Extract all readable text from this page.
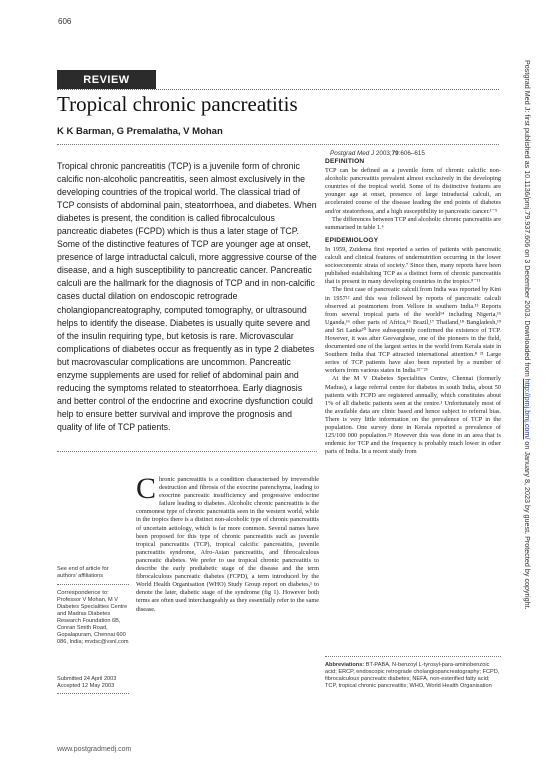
606
REVIEW
Tropical chronic pancreatitis
K K Barman, G Premalatha, V Mohan
Postgrad Med J 2003;79:606–615
Tropical chronic pancreatitis (TCP) is a juvenile form of chronic calcific non-alcoholic pancreatitis, seen almost exclusively in the developing countries of the tropical world. The classical triad of TCP consists of abdominal pain, steatorrhoea, and diabetes. When diabetes is present, the condition is called fibrocalculous pancreatic diabetes (FCPD) which is thus a later stage of TCP. Some of the distinctive features of TCP are younger age at onset, presence of large intraductal calculi, more aggressive course of the disease, and a high susceptibility to pancreatic cancer. Pancreatic calculi are the hallmark for the diagnosis of TCP and in non-calcific cases ductal dilation on endoscopic retrograde cholangiopancreatography, computed tomography, or ultrasound helps to identify the disease. Diabetes is usually quite severe and of the insulin requiring type, but ketosis is rare. Microvascular complications of diabetes occur as frequently as in type 2 diabetes but macrovascular complications are uncommon. Pancreatic enzyme supplements are used for relief of abdominal pain and reducing the symptoms related to steatorrhoea. Early diagnosis and better control of the endocrine and exocrine dysfunction could help to ensure better survival and improve the prognosis and quality of life of TCP patients.
DEFINITION

TCP can be defined as a juvenile form of chronic calcific non-alcoholic pancreatitis prevalent almost exclusively in the developing countries of the tropical world. Some of its distinctive features are younger age at onset, presence of large intraductal calculi, an accelerated course of the disease leading the end points of diabetes and/or steatorrhoea, and a high susceptibility to pancreatic cancer.¹⁻⁵

The differences between TCP and alcoholic chronic pancreatitis are summarised in table 1.⁶

EPIDEMIOLOGY

In 1959, Zuidema first reported a series of patients with pancreatic calculi and clinical features of undernutrition occurring in the lower socioeconomic strata of society.⁷ Since then, many reports have been published establishing TCP as a distinct form of chronic pancreatitis that is present in many developing countries in the tropics.⁸⁻¹¹

The first case of pancreatic calculi from India was reported by Kini in 1957¹² and this was followed by reports of pancreatic calculi observed at postmortem from Vellore in southern India.¹³ Reports from several tropical parts of the world¹⁴ including Nigeria,¹⁵ Uganda,¹⁶ other parts of Africa,¹⁶ Brazil,¹⁷ Thailand,¹⁸ Bangladesh,¹⁹ and Sri Lanka²⁰ have subsequently confirmed the existence of TCP. However, it was after Geevarghese, one of the pioneers in the field, documented one of the largest series in the world from Kerala state in Southern India that TCP attracted international attention.⁸ ²¹ Large series of TCP patients have also been reported by a number of workers from various states in India.²²⁻²⁵

At the M V Diabetes Specialities Centre, Chennai (formerly Madras), a large referral centre for diabetes in south India, about 50 patients with FCPD are registered annually, which constitutes about 1% of all diabetic patients seen at the centre.¹ Unfortunately most of the available data are clinic based and hence subject to referral bias. There is very little information on the prevalence of TCP in the population. One survey done in Kerala reported a prevalence of 125/100 000 population.²⁶ However this was done in an area that is endemic for TCP and the frequency is probably much lower in other parts of India. In a recent study from

Chronic pancreatitis is a condition characterised by irreversible destruction and fibrosis of the exocrine parenchyma, leading to exocrine pancreatic insufficiency and progressive endocrine failure leading to diabetes. Alcoholic chronic pancreatitis is the commonest type of chronic pancreatitis seen in the western world, while in the tropics there is a distinct non-alcoholic type of chronic pancreatitis of uncertain aetiology, which is far more common. Several names have been proposed for this type of chronic pancreatitis such as juvenile tropical pancreatitis (TCP), tropical calcific pancreatitis, juvenile pancreatitis syndrome, Afro-Asian pancreatitis, and fibrocalculous pancreatic diabetes. We prefer to use tropical chronic pancreatitis to describe the early prediabetic stage of the disease and the term fibrocalculous pancreatic diabetes (FCPD), a term introduced by the World Health Organisation (WHO) Study Group report on diabetes,¹ to denote the later, diabetic stage of the syndrome (fig 1). However both terms are often used interchangeably as they essentially refer to the same disease.

See end of article for authors' affiliations
Correspondence to:
Professor V Mohan, M V Diabetes Specialities Centre and Madras Diabetes Research Foundation 6B, Conran Smith Road, Gopalapuram, Chennai 600 086, India; mvdsc@vsnl.com
Submitted 24 April 2003
Accepted 12 May 2003
Abbreviations: BT-PABA, N-benzoyl L-tyrosyl-para-aminobenzoic acid; ERCP, endoscopic retrograde cholangiopancreatography; FCPD, fibrocalculous pancreatic diabetes; NEFA, non-esterified fatty acid; TCP, tropical chronic pancreatitis; WHO, World Health Organisation
www.postgradmedj.com
Postgrad Med J: first published as 10.1136/pmj.79.937.606 on 3 December 2003. Downloaded from http://pmj.bmj.com/ on January 8, 2023 by guest. Protected by copyright.
